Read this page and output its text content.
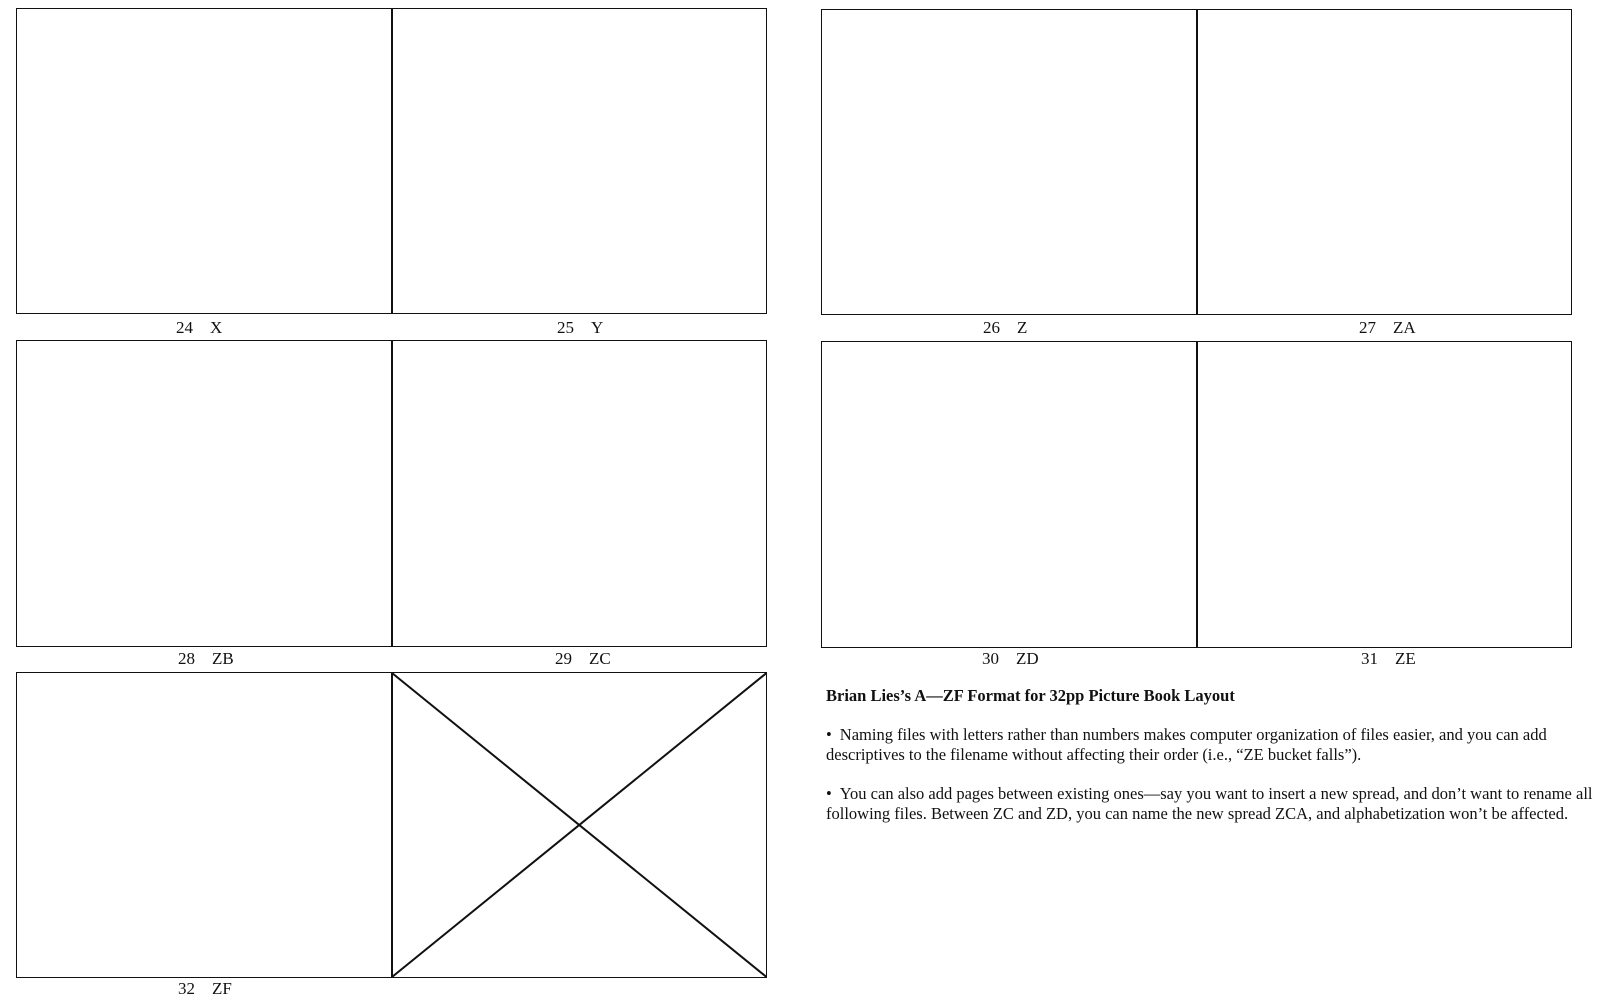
24 X	25 Y	26 Z	27 ZA
28 ZB	29 ZC	30 ZD	31 ZE
32 ZF
Brian Lies’s A—ZF Format for 32pp Picture Book Layout
• Naming files with letters rather than numbers makes computer organization of files easier, and you can add descriptives to the filename without affecting their order (i.e., “ZE bucket falls”).
• You can also add pages between existing ones—say you want to insert a new spread, and don’t want to rename all following files. Between ZC and ZD, you can name the new spread ZCA, and alphabetization won’t be affected.
